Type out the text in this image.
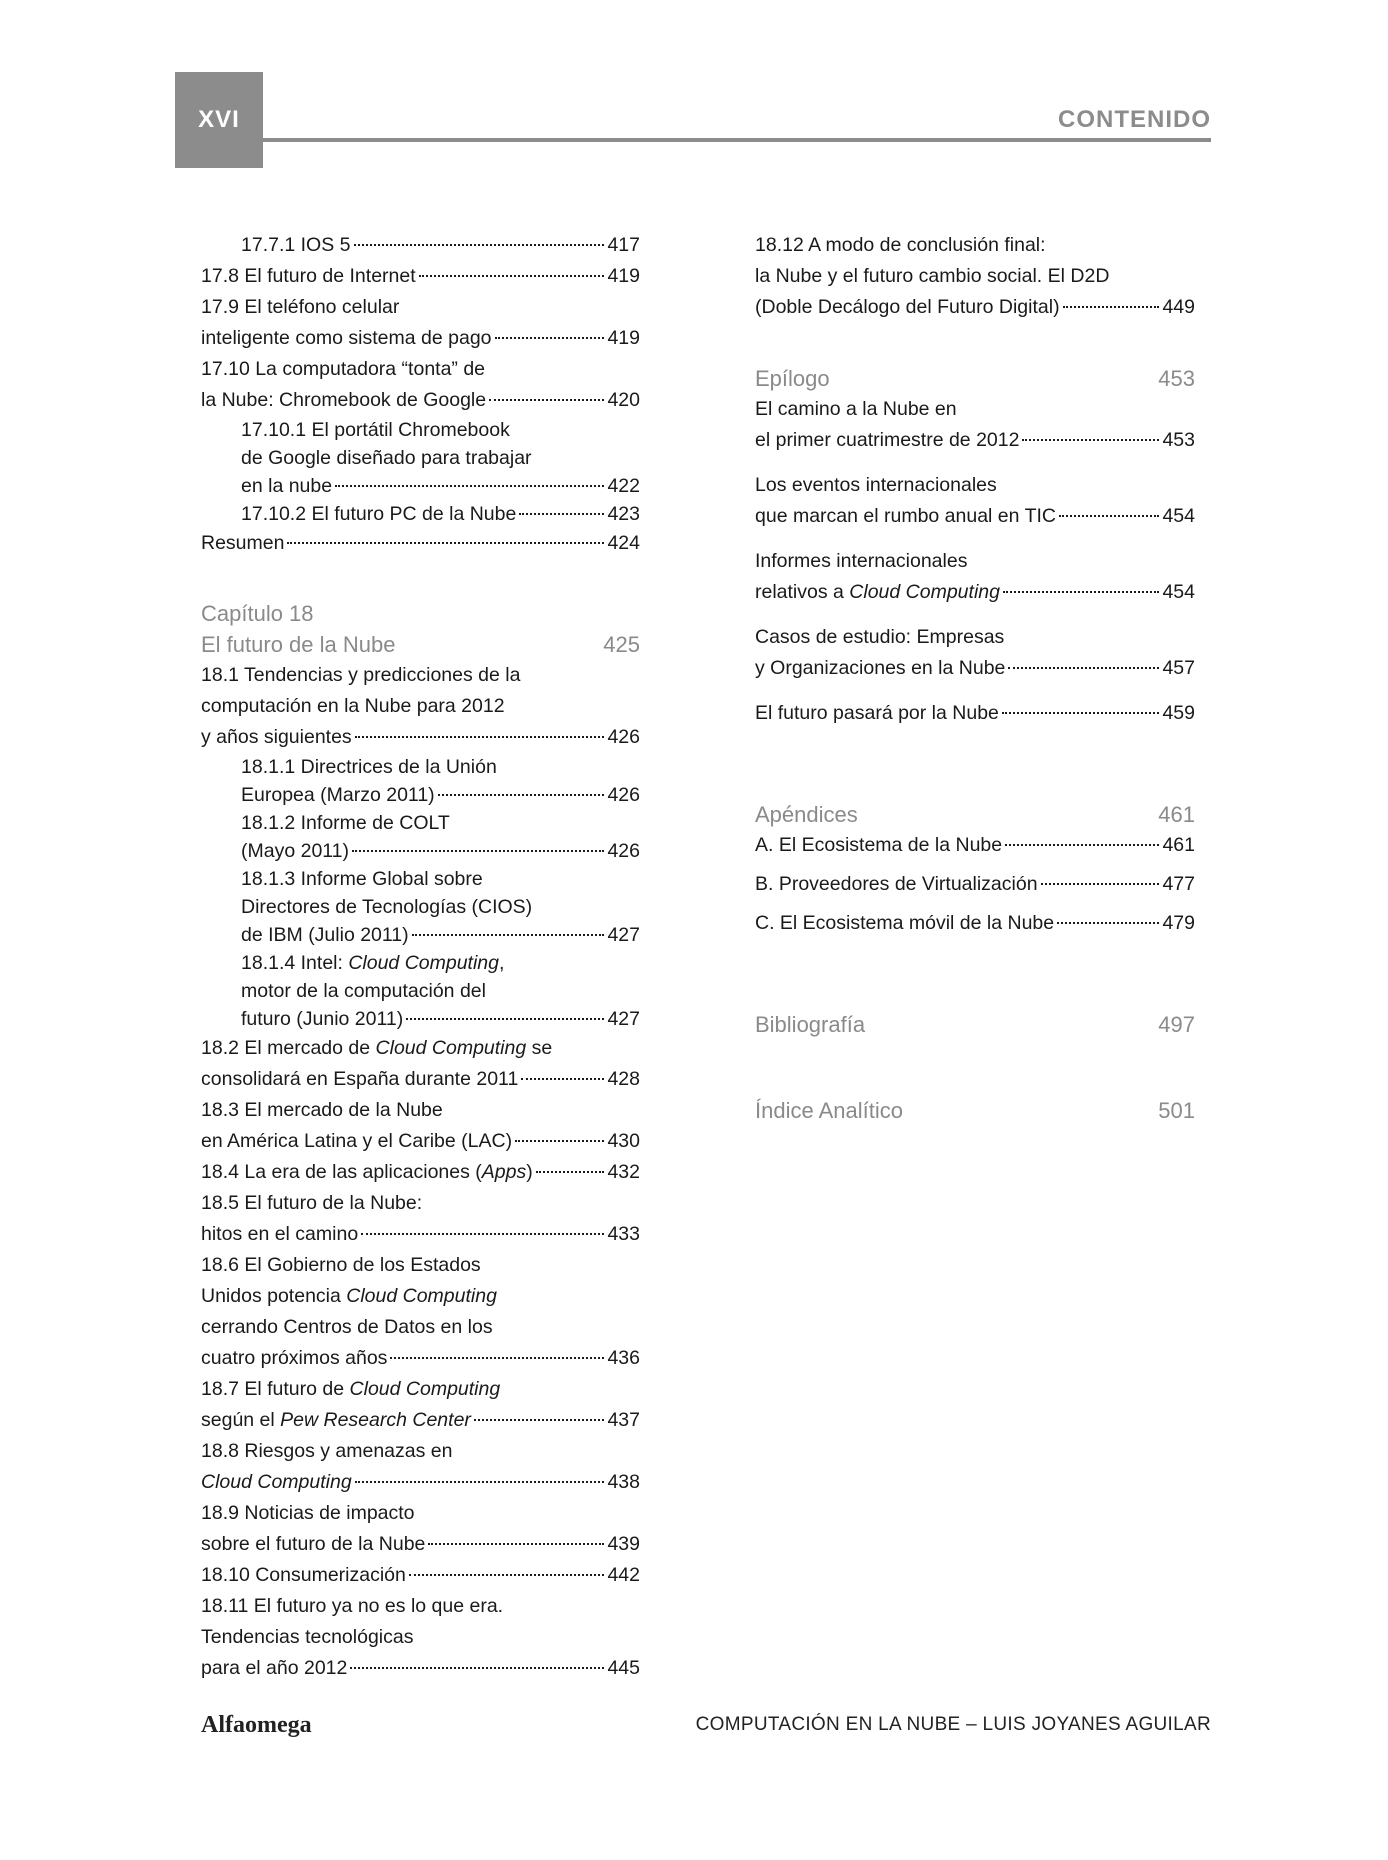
XVI	CONTENIDO
17.7.1 IOS 5	417
17.8 El futuro de Internet	419
17.9 El teléfono celular
inteligente como sistema de pago	419
17.10 La computadora “tonta” de
la Nube: Chromebook de Google	420
17.10.1 El portátil Chromebook
de Google diseñado para trabajar
en la nube	422
17.10.2 El futuro PC de la Nube	423
Resumen	424
Capítulo 18
El futuro de la Nube	425
18.1 Tendencias y predicciones de la
computación en la Nube para 2012
y años siguientes	426
18.1.1 Directrices de la Unión
Europea (Marzo 2011)	426
18.1.2 Informe de COLT
(Mayo 2011)	426
18.1.3 Informe Global sobre
Directores de Tecnologías (CIOS)
de IBM (Julio 2011)	427
18.1.4 Intel: Cloud Computing,
motor de la computación del
futuro (Junio 2011)	427
18.2 El mercado de Cloud Computing se
consolidará en España durante 2011	428
18.3 El mercado de la Nube
en América Latina y el Caribe (LAC)	430
18.4 La era de las aplicaciones (Apps)	432
18.5 El futuro de la Nube:
hitos en el camino	433
18.6 El Gobierno de los Estados
Unidos potencia Cloud Computing
cerrando Centros de Datos en los
cuatro próximos años	436
18.7 El futuro de Cloud Computing
según el Pew Research Center	437
18.8 Riesgos y amenazas en
Cloud Computing	438
18.9 Noticias de impacto
sobre el futuro de la Nube	439
18.10 Consumerización	442
18.11 El futuro ya no es lo que era.
Tendencias tecnológicas
para el año 2012	445
18.12 A modo de conclusión final:
la Nube y el futuro cambio social. El D2D
(Doble Decálogo del Futuro Digital)	449
Epílogo	453
El camino a la Nube en
el primer cuatrimestre de 2012	453
Los eventos internacionales
que marcan el rumbo anual en TIC	454
Informes internacionales
relativos a Cloud Computing	454
Casos de estudio: Empresas
y Organizaciones en la Nube	457
El futuro pasará por la Nube	459
Apéndices	461
A. El Ecosistema de la Nube	461
B. Proveedores de Virtualización	477
C. El Ecosistema móvil de la Nube	479
Bibliografía	497
Índice Analítico	501
Alfaomega	COMPUTACIÓN EN LA NUBE – LUIS JOYANES AGUILAR
